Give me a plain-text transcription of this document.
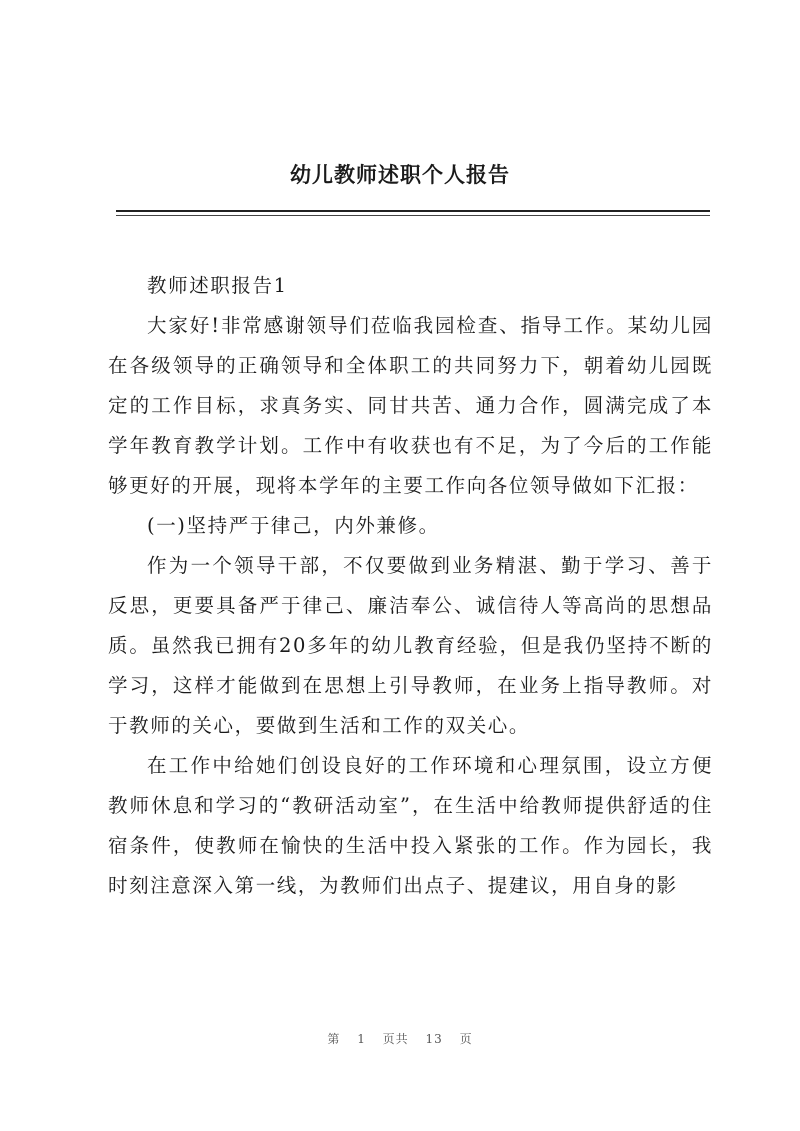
幼儿教师述职个人报告

教师述职报告1

大家好!非常感谢领导们莅临我园检查、指导工作。某幼儿园在各级领导的正确领导和全体职工的共同努力下，朝着幼儿园既定的工作目标，求真务实、同甘共苦、通力合作，圆满完成了本学年教育教学计划。工作中有收获也有不足，为了今后的工作能够更好的开展，现将本学年的主要工作向各位领导做如下汇报：

(一)坚持严于律己，内外兼修。

作为一个领导干部，不仅要做到业务精湛、勤于学习、善于反思，更要具备严于律己、廉洁奉公、诚信待人等高尚的思想品质。虽然我已拥有20多年的幼儿教育经验，但是我仍坚持不断的学习，这样才能做到在思想上引导教师，在业务上指导教师。对于教师的关心，要做到生活和工作的双关心。

在工作中给她们创设良好的工作环境和心理氛围，设立方便教师休息和学习的“教研活动室”，在生活中给教师提供舒适的住宿条件，使教师在愉快的生活中投入紧张的工作。作为园长，我时刻注意深入第一线，为教师们出点子、提建议，用自身的影

第 1 页共 13 页
